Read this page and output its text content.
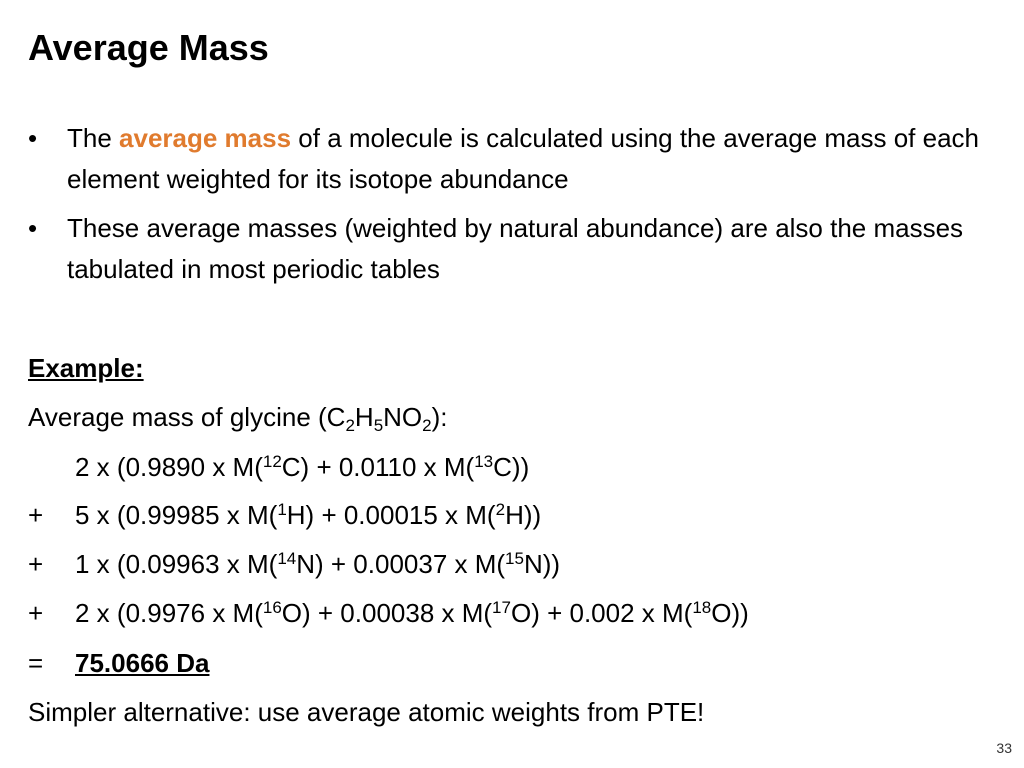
Average Mass
• The average mass of a molecule is calculated using the average mass of each element weighted for its isotope abundance
• These average masses (weighted by natural abundance) are also the masses tabulated in most periodic tables
Example:
Average mass of glycine $(C_2H_5NO_2)$:
2 x (0.9890 x M($^{12}$C) + 0.0110 x M($^{13}$C))
+ 5 x (0.99985 x M($^1$H) + 0.00015 x M($^2$H))
+ 1 x (0.09963 x M($^{14}$N) + 0.00037 x M($^{15}$N))
+ 2 x (0.9976 x M($^{16}$O) + 0.00038 x M($^{17}$O) + 0.002 x M($^{18}$O))
= 75.0666 Da
Simpler alternative: use average atomic weights from PTE!
33
